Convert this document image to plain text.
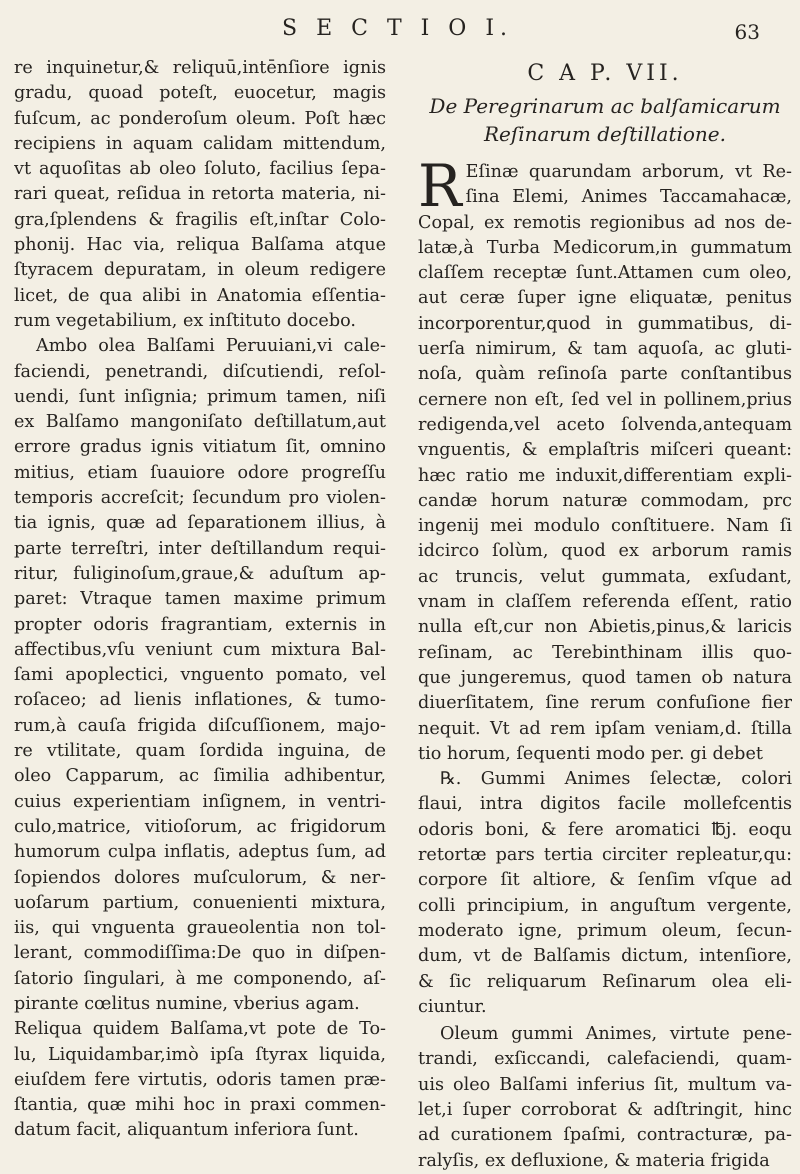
S E C T I O I.	63
re inquinetur,& reliquū,intēnſiore ignis
gradu, quoad poteſt, euocetur, magis
fuſcum, ac ponderoſum oleum. Poſt hæc
recipiens in aquam calidam mittendum,
vt aquoſitas ab oleo ſoluto, facilius ſepa-
rari queat, reſidua in retorta materia, ni-
gra,ſplendens & fragilis eſt,inſtar Colo-
phonij. Hac via, reliqua Balſama atque
ſtyracem depuratam, in oleum redigere
licet, de qua alibi in Anatomia eſſentia-
rum vegetabilium, ex inſtituto docebo.
Ambo olea Balſami Peruuiani,vi cale-
faciendi, penetrandi, diſcutiendi, reſol-
uendi, ſunt inſignia; primum tamen, niſi
ex Balſamo mangoniſato deſtillatum,aut
errore gradus ignis vitiatum ſit, omnino
mitius, etiam ſuauiore odore progreſſu
temporis accreſcit; ſecundum pro violen-
tia ignis, quæ ad ſeparationem illius, à
parte terreſtri, inter deſtillandum requi-
ritur, fuliginoſum,graue,& aduſtum ap-
paret: Vtraque tamen maxime primum
propter odoris fragrantiam, externis in
affectibus,vſu veniunt cum mixtura Bal-
ſami apoplectici, vnguento pomato, vel
roſaceo; ad lienis inflationes, & tumo-
rum,à cauſa frigida diſcuſſionem, majo-
re vtilitate, quam ſordida inguina, de
oleo Capparum, ac ſimilia adhibentur,
cuius experientiam inſignem, in ventri-
culo,matrice, vitioſorum, ac frigidorum
humorum culpa inflatis, adeptus ſum, ad
ſopiendos dolores muſculorum, & ner-
uoſarum partium, conuenienti mixtura,
iis, qui vnguenta graueolentia non tol-
lerant, commodiſſima:De quo in diſpen-
ſatorio ſingulari, à me componendo, aſ-
pirante cœlitus numine, vberius agam.
Reliqua quidem Balſama,vt pote de To-
lu, Liquidambar,imò ipſa ſtyrax liquida,
eiuſdem fere virtutis, odoris tamen præ-
ſtantia, quæ mihi hoc in praxi commen-
datum facit, aliquantum inferiora ſunt.
C A P. VII.
De Peregrinarum ac balſamicarum
Reſinarum deſtillatione.
R Eſinæ quarundam arborum, vt Re-
ſina Elemi, Animes Taccamahacæ,
Copal, ex remotis regionibus ad nos de-
latæ,à Turba Medicorum,in gummatum
claſſem receptæ ſunt.Attamen cum oleo,
aut ceræ ſuper igne eliquatæ, penitus
incorporentur,quod in gummatibus, di-
uerſa nimirum, & tam aquoſa, ac gluti-
noſa, quàm reſinoſa parte conſtantibus
cernere non eſt, ſed vel in pollinem,prius
redigenda,vel aceto ſolvenda,antequam
vnguentis, & emplaſtris miſceri queant:
hæc ratio me induxit,differentiam expli-
candæ horum naturæ commodam, prc
ingenij mei modulo conſtituere. Nam ſi
idcirco ſolùm, quod ex arborum ramis
ac truncis, velut gummata, exſudant,
vnam in claſſem referenda eſſent, ratio
nulla eſt,cur non Abietis,pinus,& laricis
reſinam, ac Terebinthinam illis quo-
que jungeremus, quod tamen ob natura
diuerſitatem, ſine rerum confuſione fier
nequit. Vt ad rem ipſam veniam,d. ſtilla
tio horum, ſequenti modo per. gi debet
℞. Gummi Animes ſelectæ, colori
flaui, intra digitos facile mollefcentis
odoris boni, & fere aromatici ℔j. eoqu
retortæ pars tertia circiter repleatur,qu:
corpore ſit altiore, & ſenſim vſque ad
colli principium, in anguſtum vergente,
moderato igne, primum oleum, ſecun-
dum, vt de Balſamis dictum, intenſiore,
& ſic reliquarum Reſinarum olea eli-
ciuntur.
Oleum gummi Animes, virtute pene-
trandi, exſiccandi, calefaciendi, quam-
uis oleo Balſami inferius ſit, multum va-
let,i ſuper corroborat & adſtringit, hinc
ad curationem ſpaſmi, contracturæ, pa-
ralyſis, ex defluxione, & materia frigida
